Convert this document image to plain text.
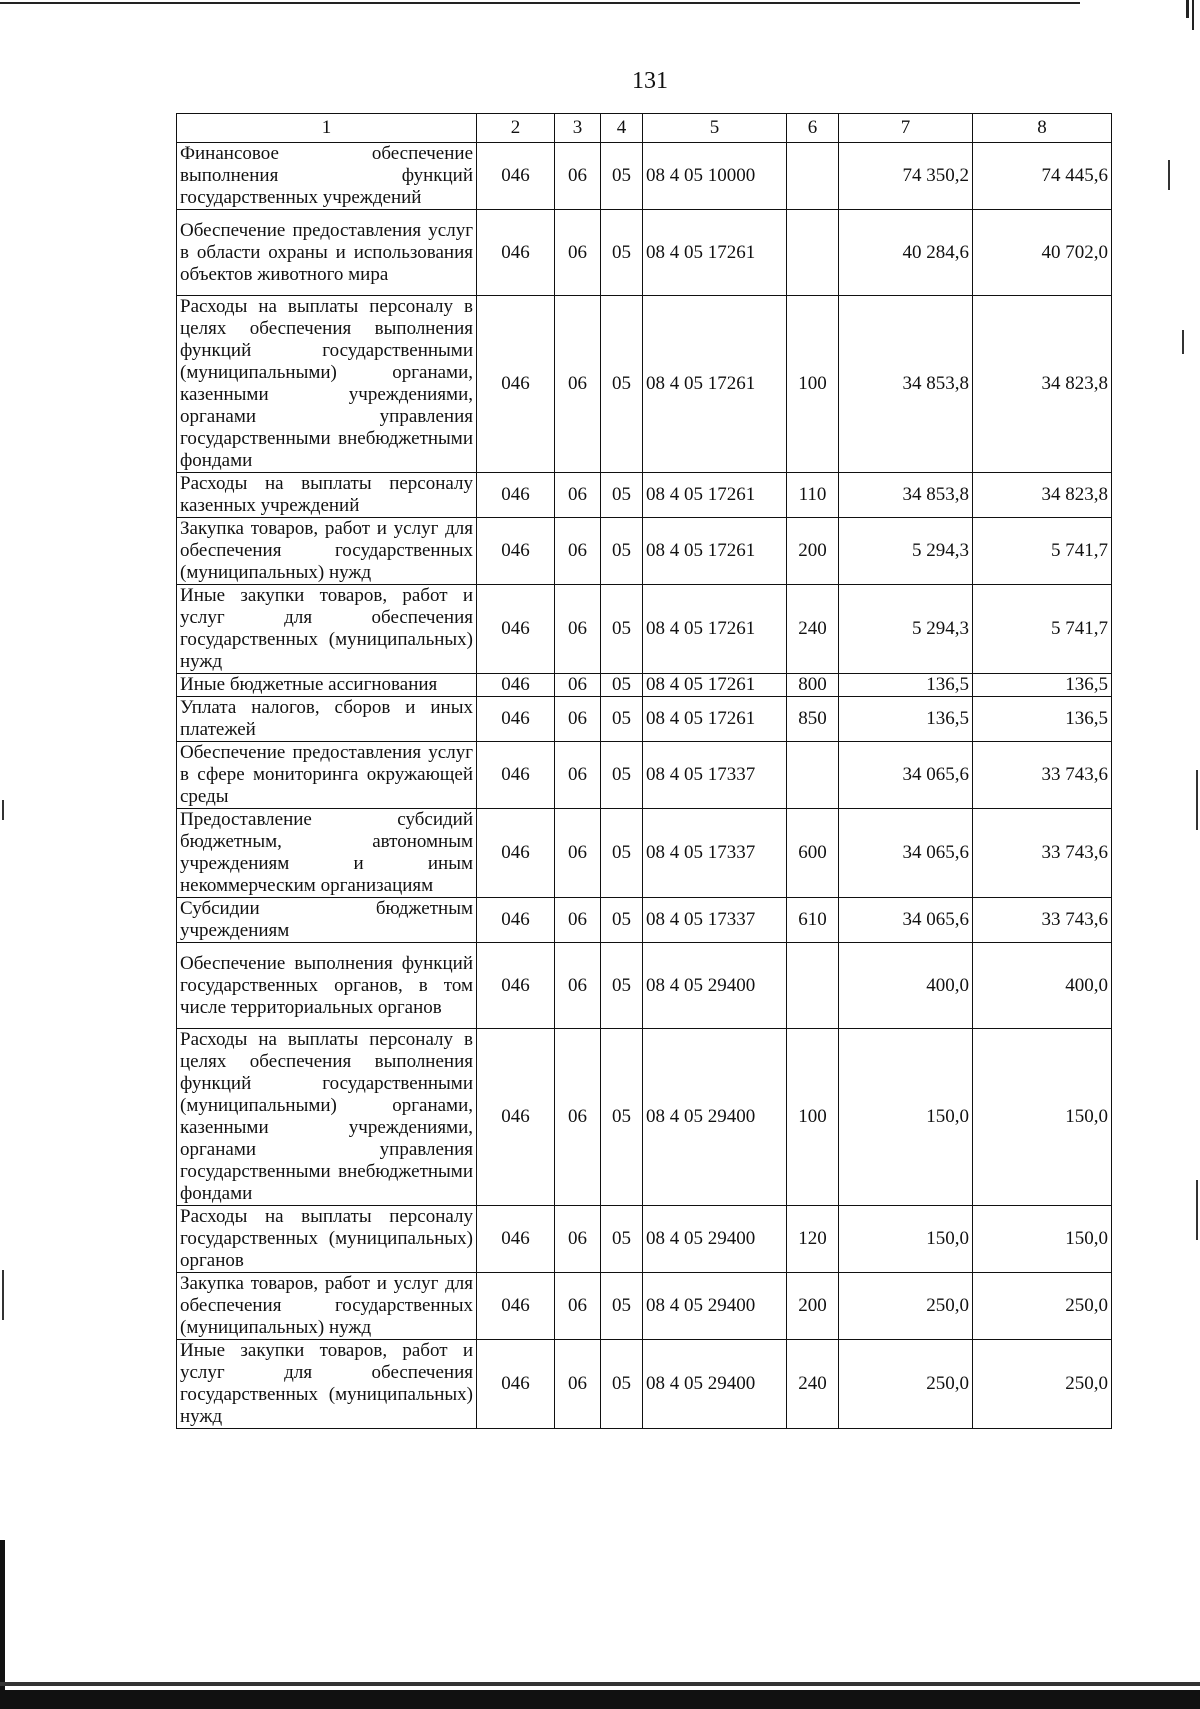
131
1	2	3	4	5	6	7	8
Финансовое обеспечение выполнения функций государственных учреждений	046	06	05	08 4 05 10000		74 350,2	74 445,6
Обеспечение предоставления услуг в области охраны и использования объектов животного мира	046	06	05	08 4 05 17261		40 284,6	40 702,0
Расходы на выплаты персоналу в целях обеспечения выполнения функций государственными (муниципальными) органами, казенными учреждениями, органами управления государственными внебюджетными фондами	046	06	05	08 4 05 17261	100	34 853,8	34 823,8
Расходы на выплаты персоналу казенных учреждений	046	06	05	08 4 05 17261	110	34 853,8	34 823,8
Закупка товаров, работ и услуг для обеспечения государственных (муниципальных) нужд	046	06	05	08 4 05 17261	200	5 294,3	5 741,7
Иные закупки товаров, работ и услуг для обеспечения государственных (муниципальных) нужд	046	06	05	08 4 05 17261	240	5 294,3	5 741,7
Иные бюджетные ассигнования	046	06	05	08 4 05 17261	800	136,5	136,5
Уплата налогов, сборов и иных платежей	046	06	05	08 4 05 17261	850	136,5	136,5
Обеспечение предоставления услуг в сфере мониторинга окружающей среды	046	06	05	08 4 05 17337		34 065,6	33 743,6
Предоставление субсидий бюджетным, автономным учреждениям и иным некоммерческим организациям	046	06	05	08 4 05 17337	600	34 065,6	33 743,6
Субсидии бюджетным учреждениям	046	06	05	08 4 05 17337	610	34 065,6	33 743,6
Обеспечение выполнения функций государственных органов, в том числе территориальных органов	046	06	05	08 4 05 29400		400,0	400,0
Расходы на выплаты персоналу в целях обеспечения выполнения функций государственными (муниципальными) органами, казенными учреждениями, органами управления государственными внебюджетными фондами	046	06	05	08 4 05 29400	100	150,0	150,0
Расходы на выплаты персоналу государственных (муниципальных) органов	046	06	05	08 4 05 29400	120	150,0	150,0
Закупка товаров, работ и услуг для обеспечения государственных (муниципальных) нужд	046	06	05	08 4 05 29400	200	250,0	250,0
Иные закупки товаров, работ и услуг для обеспечения государственных (муниципальных) нужд	046	06	05	08 4 05 29400	240	250,0	250,0
